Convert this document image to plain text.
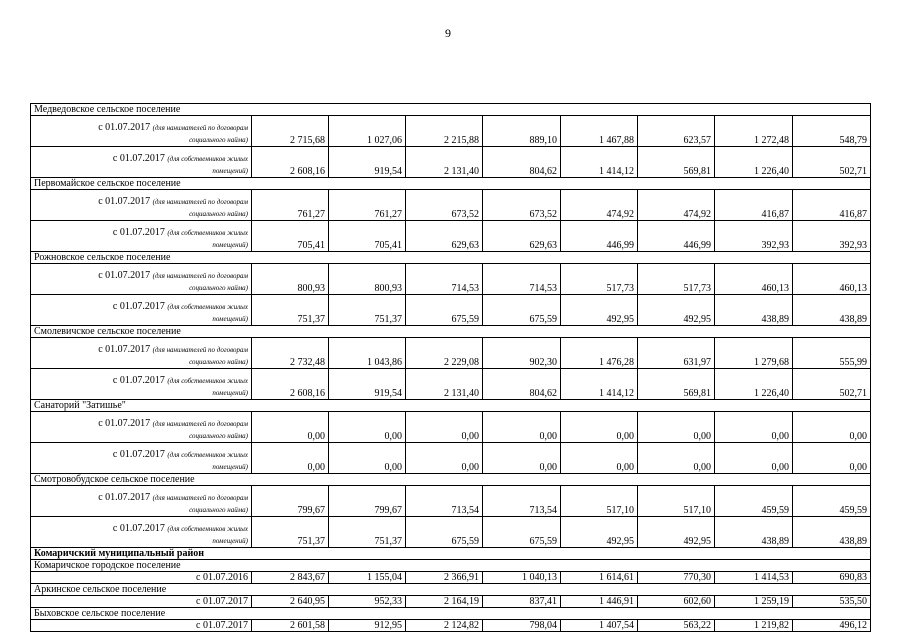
9
Медведовское сельское поселение								
с 01.07.2017 (для нанимателей по договорам
социального найма)	2 715,68	1 027,06	2 215,88	889,10	1 467,88	623,57	1 272,48	548,79
с 01.07.2017 (для собственников жилых
помещений)	2 608,16	919,54	2 131,40	804,62	1 414,12	569,81	1 226,40	502,71
Первомайское сельское поселение								
с 01.07.2017 (для нанимателей по договорам
социального найма)	761,27	761,27	673,52	673,52	474,92	474,92	416,87	416,87
с 01.07.2017 (для собственников жилых
помещений)	705,41	705,41	629,63	629,63	446,99	446,99	392,93	392,93
Рожновское сельское поселение								
с 01.07.2017 (для нанимателей по договорам
социального найма)	800,93	800,93	714,53	714,53	517,73	517,73	460,13	460,13
с 01.07.2017 (для собственников жилых
помещений)	751,37	751,37	675,59	675,59	492,95	492,95	438,89	438,89
Смолевичское сельское поселение								
с 01.07.2017 (для нанимателей по договорам
социального найма)	2 732,48	1 043,86	2 229,08	902,30	1 476,28	631,97	1 279,68	555,99
с 01.07.2017 (для собственников жилых
помещений)	2 608,16	919,54	2 131,40	804,62	1 414,12	569,81	1 226,40	502,71
Санаторий "Затишье"								
с 01.07.2017 (для нанимателей по договорам
социального найма)	0,00	0,00	0,00	0,00	0,00	0,00	0,00	0,00
с 01.07.2017 (для собственников жилых
помещений)	0,00	0,00	0,00	0,00	0,00	0,00	0,00	0,00
Смотровобудское сельское поселение								
с 01.07.2017 (для нанимателей по договорам
социального найма)	799,67	799,67	713,54	713,54	517,10	517,10	459,59	459,59
с 01.07.2017 (для собственников жилых
помещений)	751,37	751,37	675,59	675,59	492,95	492,95	438,89	438,89
Комаричский муниципальный район								
Комаричское городское поселение								
с 01.07.2016	2 843,67	1 155,04	2 366,91	1 040,13	1 614,61	770,30	1 414,53	690,83
Аркинское сельское поселение								
с 01.07.2017	2 640,95	952,33	2 164,19	837,41	1 446,91	602,60	1 259,19	535,50
Быховское сельское поселение								
с 01.07.2017	2 601,58	912,95	2 124,82	798,04	1 407,54	563,22	1 219,82	496,12
